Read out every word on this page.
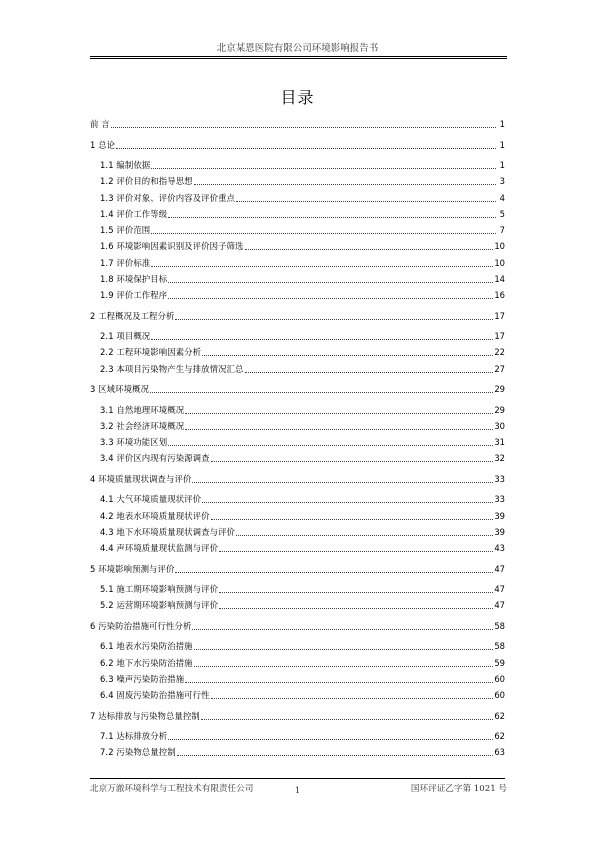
北京某恩医院有限公司环境影响报告书
目录
前 言	1
1 总论	1
1.1 编制依据	1
1.2 评价目的和指导思想	3
1.3 评价对象、评价内容及评价重点	4
1.4 评价工作等级	5
1.5 评价范围	7
1.6 环境影响因素识别及评价因子筛选	10
1.7 评价标准	10
1.8 环境保护目标	14
1.9 评价工作程序	16
2 工程概况及工程分析	17
2.1 项目概况	17
2.2 工程环境影响因素分析	22
2.3 本项目污染物产生与排放情况汇总	27
3 区域环境概况	29
3.1 自然地理环境概况	29
3.2 社会经济环境概况	30
3.3 环境功能区划	31
3.4 评价区内现有污染源调查	32
4 环境质量现状调查与评价	33
4.1 大气环境质量现状评价	33
4.2 地表水环境质量现状评价	39
4.3 地下水环境质量现状调查与评价	39
4.4 声环境质量现状监测与评价	43
5 环境影响预测与评价	47
5.1 施工期环境影响预测与评价	47
5.2 运营期环境影响预测与评价	47
6 污染防治措施可行性分析	58
6.1 地表水污染防治措施	58
6.2 地下水污染防治措施	59
6.3 噪声污染防治措施	60
6.4 固废污染防治措施可行性	60
7 达标排放与污染物总量控制	62
7.1 达标排放分析	62
7.2 污染物总量控制	63
北京万澈环境科学与工程技术有限责任公司	1	国环评证乙字第 1021 号
